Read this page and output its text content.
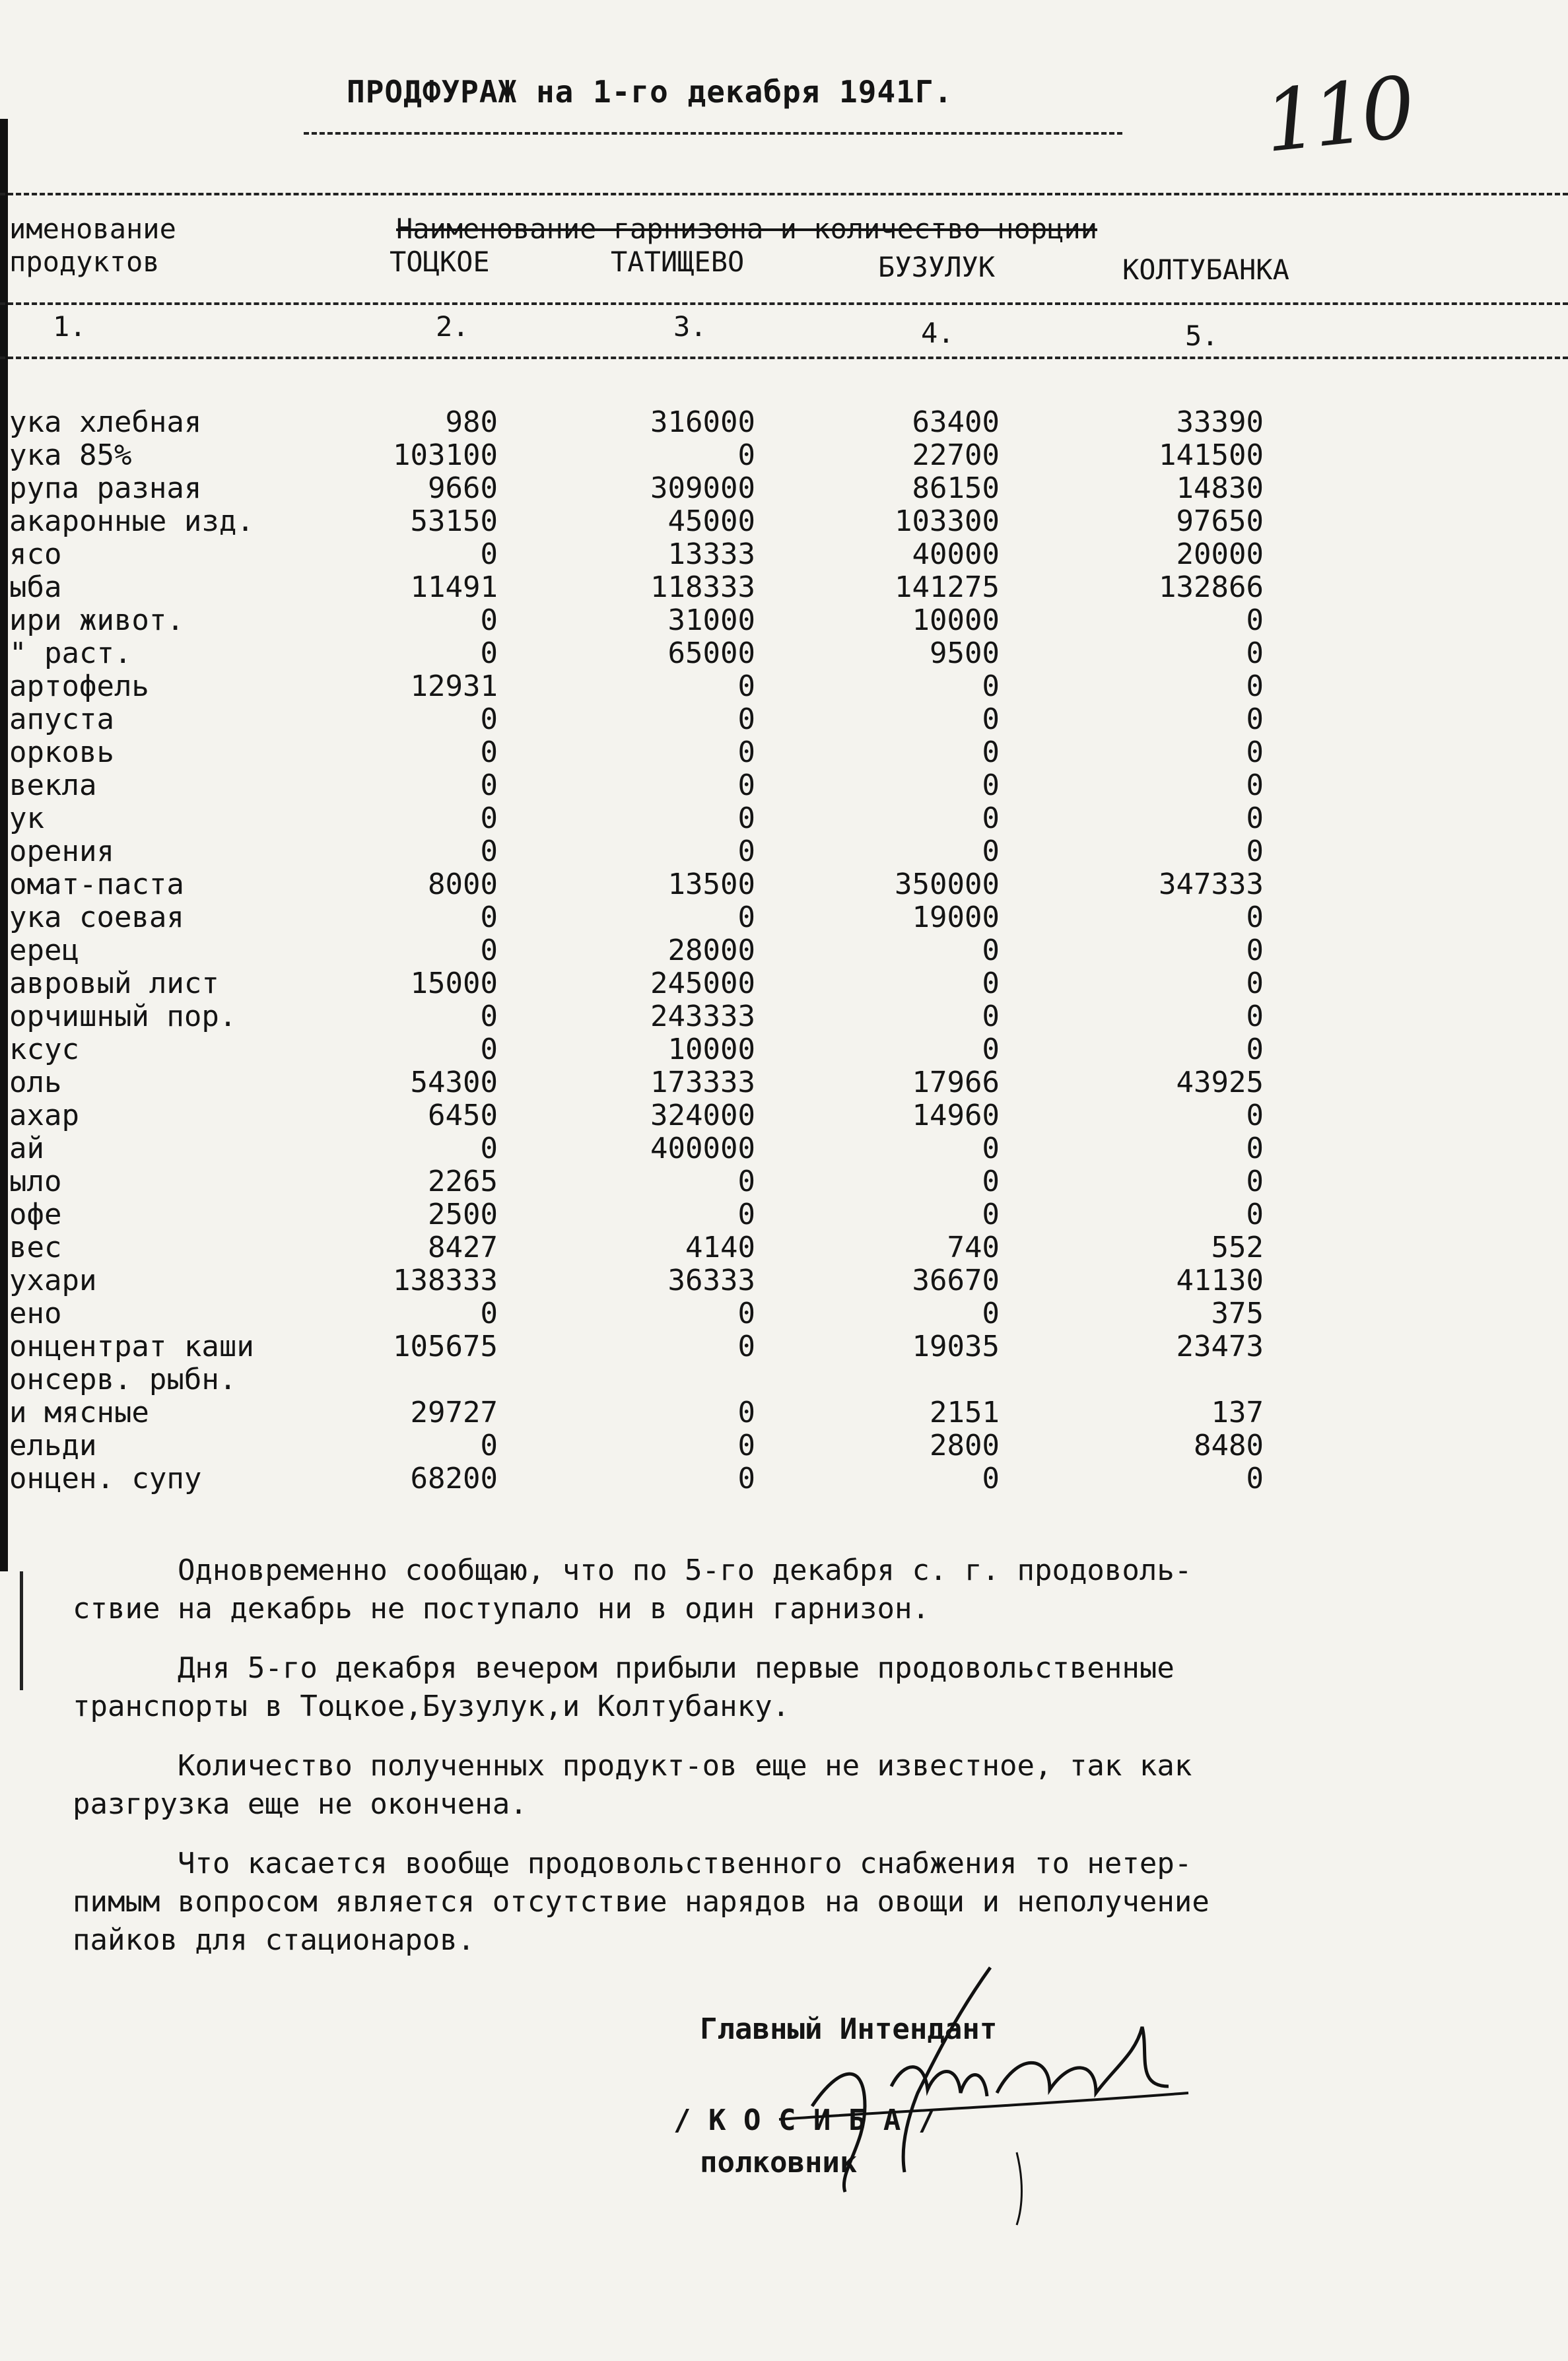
ПРОДФУРАЖ на 1-го декабря 1941Г.	110
именование
продуктов
Наименование гарнизона и количество норции
ТОЦКОЕ	ТАТИЩЕВО	БУЗУЛУК	КОЛТУБАНКА
1.	2.	3.	4.	5.
ука хлебная	980	316000	63400	33390
ука 85%	103100	0	22700	141500
рупа разная	9660	309000	86150	14830
акаронные изд.	53150	45000	103300	97650
ясо	0	13333	40000	20000
ыба	11491	118333	141275	132866
ири живот.	0	31000	10000	0
" раст.	0	65000	9500	0
артофель	12931	0	0	0
апуста	0	0	0	0
орковь	0	0	0	0
векла	0	0	0	0
ук	0	0	0	0
орения	0	0	0	0
омат-паста	8000	13500	350000	347333
ука соевая	0	0	19000	0
ерец	0	28000	0	0
авровый лист	15000	245000	0	0
орчишный пор.	0	243333	0	0
ксус	0	10000	0	0
оль	54300	173333	17966	43925
ахар	6450	324000	14960	0
ай	0	400000	0	0
ыло	2265	0	0	0
офе	2500	0	0	0
вес	8427	4140	740	552
ухари	138333	36333	36670	41130
ено	0	0	0	375
онцентрат каши	105675	0	19035	23473
онсерв. рыбн.
и мясные	29727	0	2151	137
ельди	0	0	2800	8480
онцен. супу	68200	0	0	0
Одновременно сообщаю, что по 5-го декабря с. г. продоволь-
ствие на декабрь не поступало ни в один гарнизон.
Дня 5-го декабря вечером прибыли первые продовольственные
транспорты в Тоцкое,Бузулук,и Колтубанку.
Количество полученных продукт-ов еще не известное, так как
разгрузка еще не окончена.
Что касается вообще продовольственного снабжения то нетер-
пимым вопросом является отсутствие нарядов на овощи и неполучение
пайков для стационаров.
Главный Интендант
/ К О С И Б А /
полковник
